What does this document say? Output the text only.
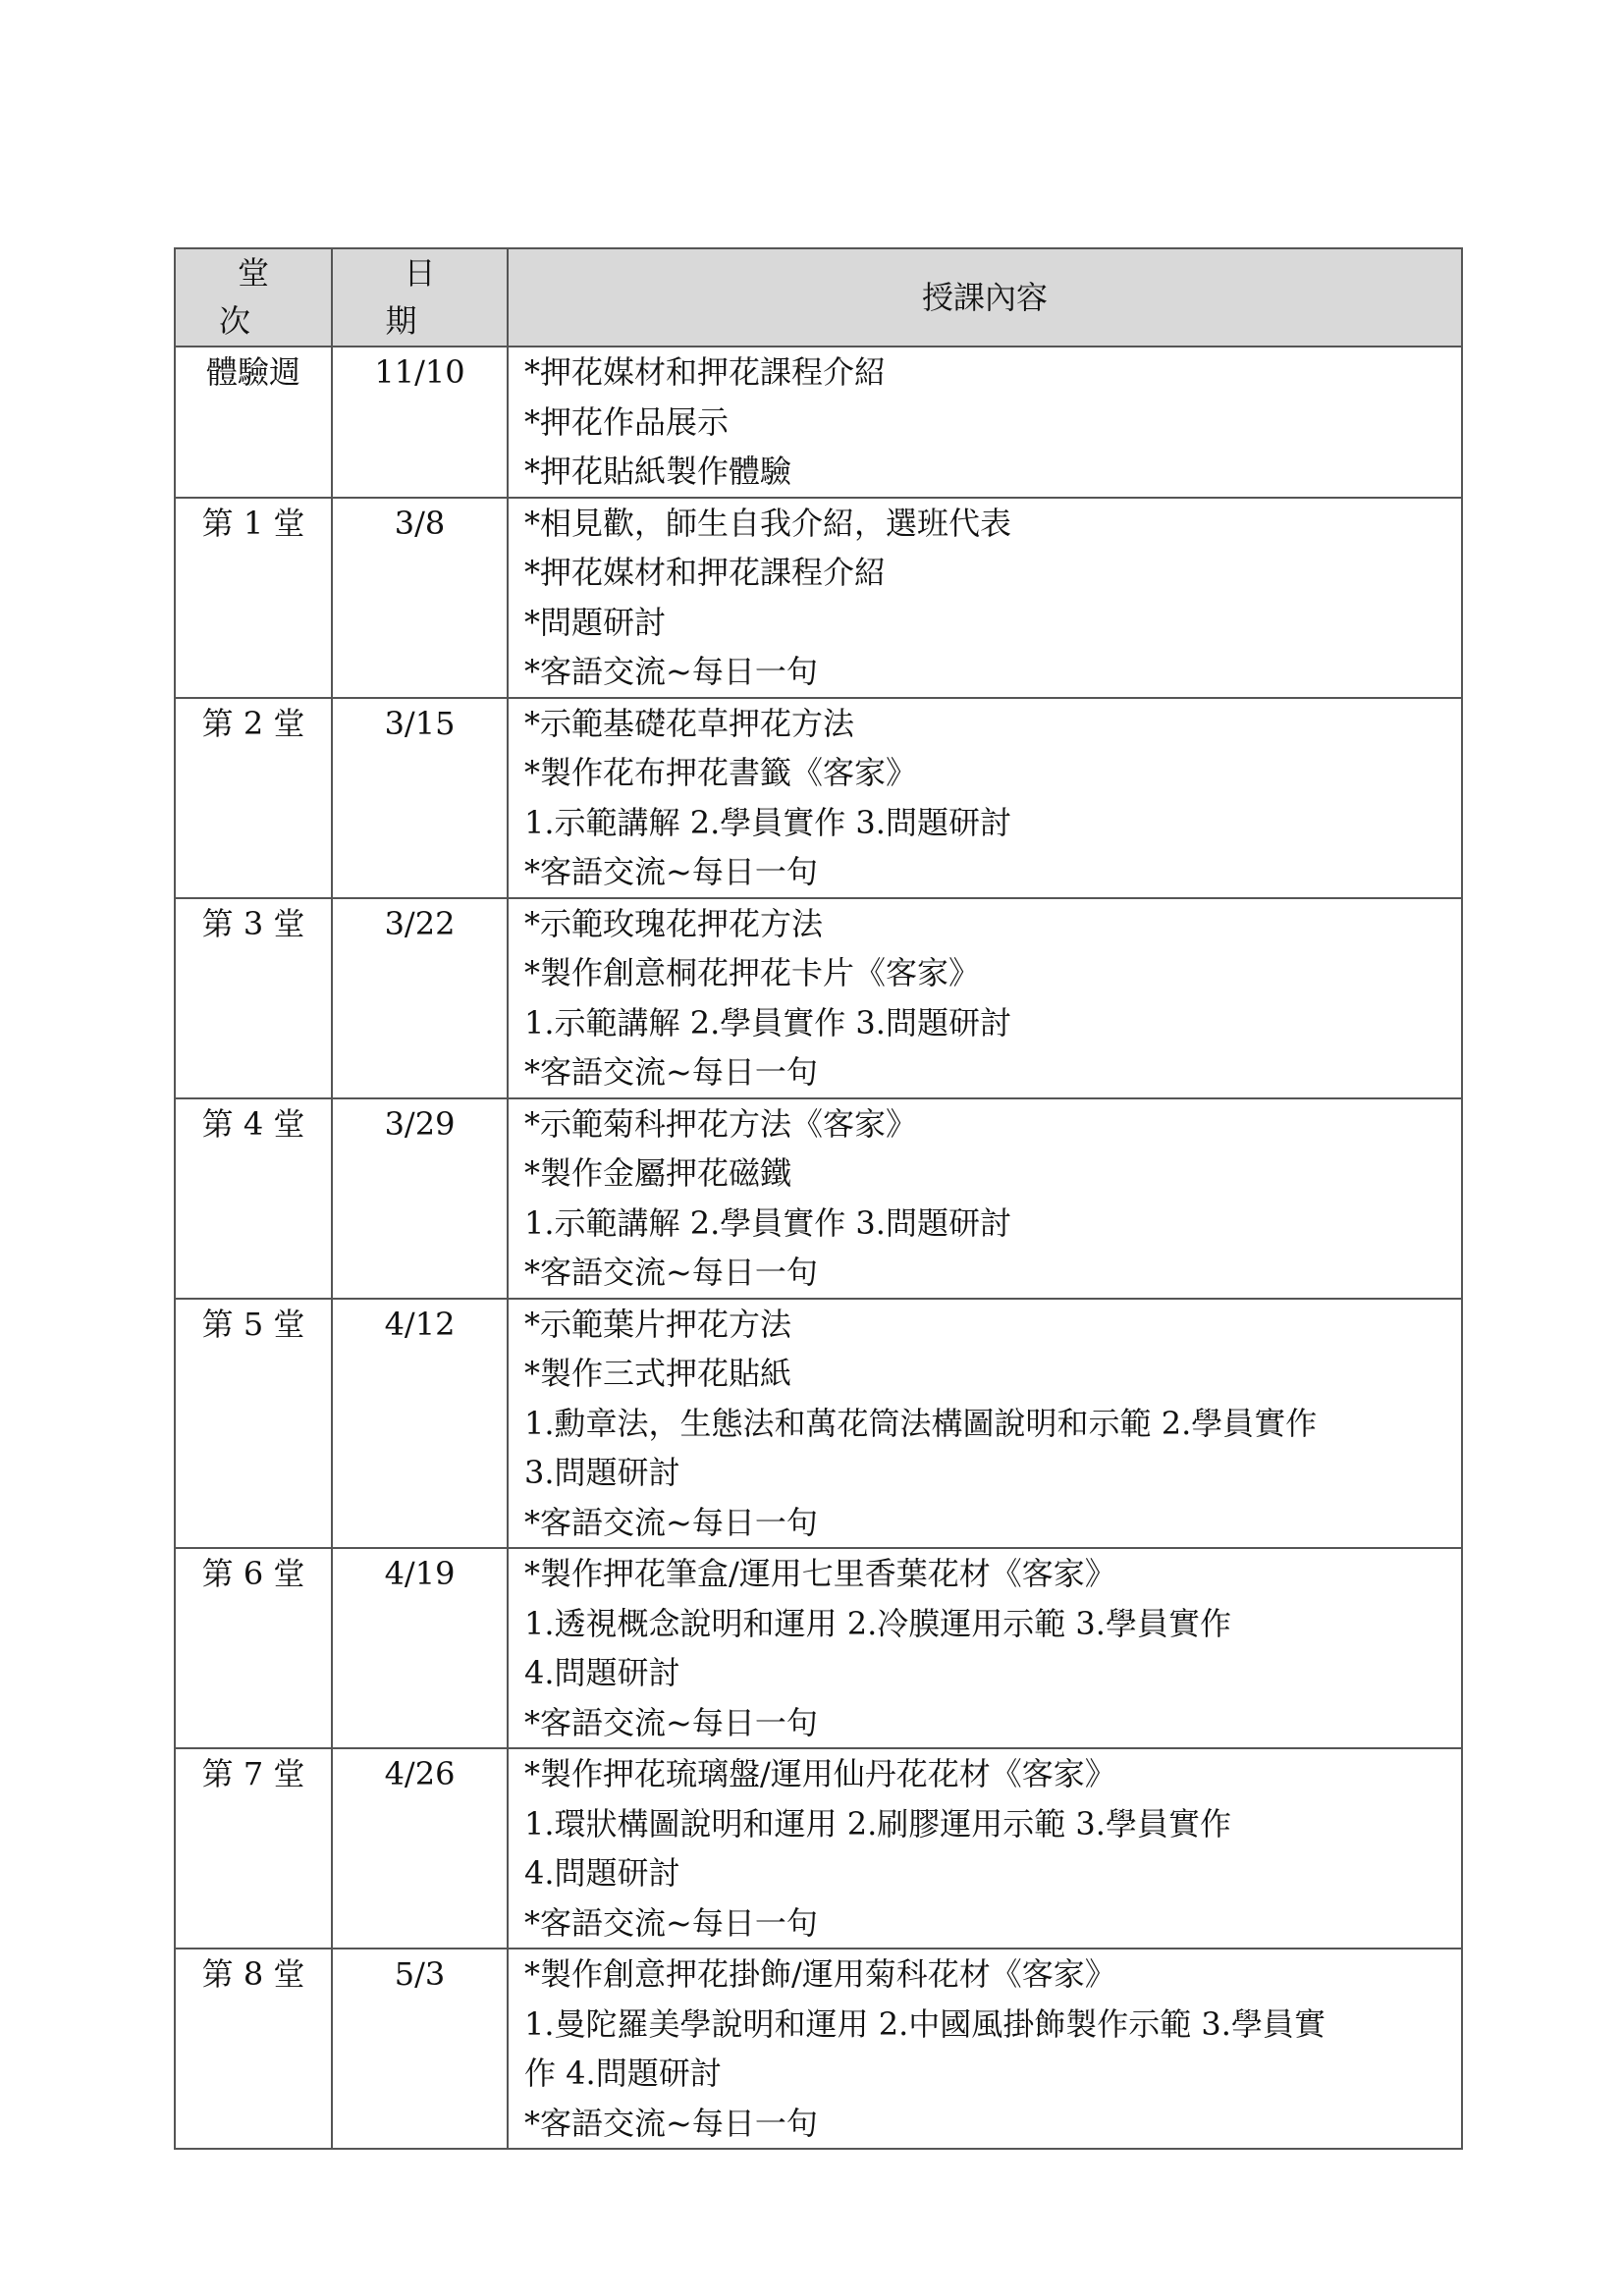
堂 次	日 期	授課內容
體驗週	11/10	*押花媒材和押花課程介紹
*押花作品展示
*押花貼紙製作體驗

第 1 堂	3/8	*相見歡，師生自我介紹，選班代表
*押花媒材和押花課程介紹
*問題研討
*客語交流~每日一句

第 2 堂	3/15	*示範基礎花草押花方法
*製作花布押花書籤《客家》
1.示範講解 2.學員實作 3.問題研討
*客語交流~每日一句

第 3 堂	3/22	*示範玫瑰花押花方法
*製作創意桐花押花卡片《客家》
1.示範講解 2.學員實作 3.問題研討
*客語交流~每日一句

第 4 堂	3/29	*示範菊科押花方法《客家》
*製作金屬押花磁鐵
1.示範講解 2.學員實作 3.問題研討
*客語交流~每日一句

第 5 堂	4/12	*示範葉片押花方法
*製作三式押花貼紙
1.勳章法，生態法和萬花筒法構圖說明和示範 2.學員實作
3.問題研討
*客語交流~每日一句

第 6 堂	4/19	*製作押花筆盒/運用七里香葉花材《客家》
1.透視概念說明和運用 2.冷膜運用示範 3.學員實作
4.問題研討
*客語交流~每日一句

第 7 堂	4/26	*製作押花琉璃盤/運用仙丹花花材《客家》
1.環狀構圖說明和運用 2.刷膠運用示範 3.學員實作
4.問題研討
*客語交流~每日一句

第 8 堂	5/3	*製作創意押花掛飾/運用菊科花材《客家》
1.曼陀羅美學說明和運用 2.中國風掛飾製作示範 3.學員實
作 4.問題研討
*客語交流~每日一句
